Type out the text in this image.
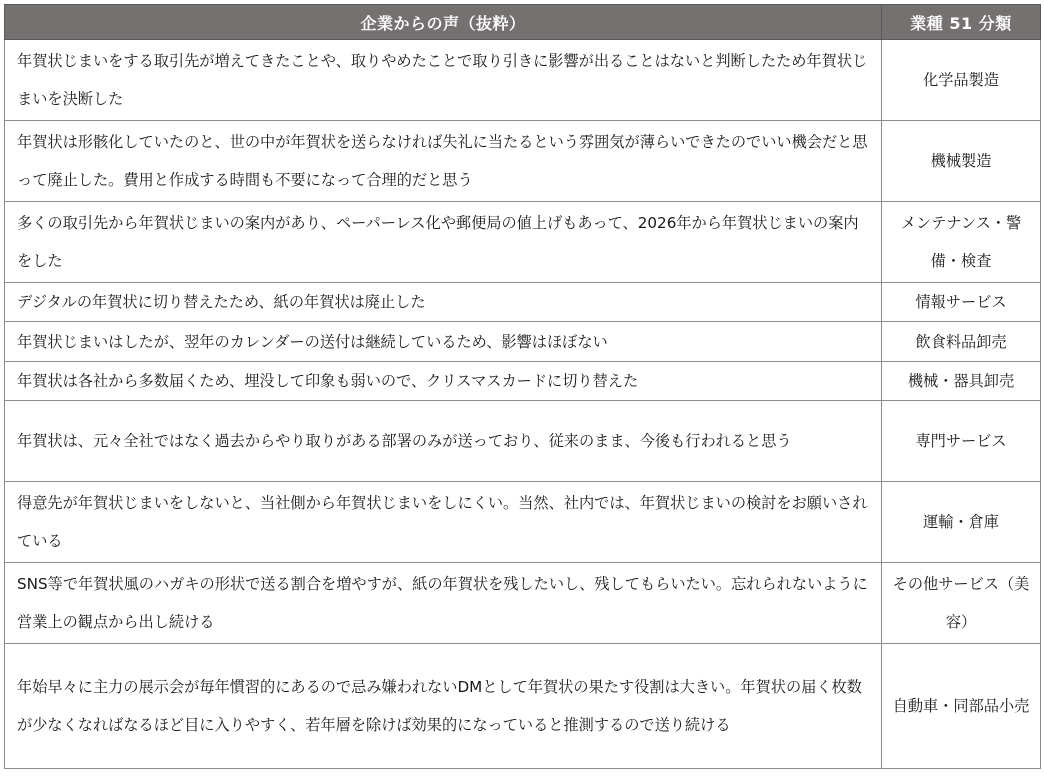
企業からの声（抜粋）	業種 51 分類
年賀状じまいをする取引先が増えてきたことや、取りやめたことで取り引きに影響が出ることはないと判断したため年賀状じまいを決断した	化学品製造
年賀状は形骸化していたのと、世の中が年賀状を送らなければ失礼に当たるという雰囲気が薄らいできたのでいい機会だと思って廃止した。費用と作成する時間も不要になって合理的だと思う	機械製造
多くの取引先から年賀状じまいの案内があり、ペーパーレス化や郵便局の値上げもあって、2026年から年賀状じまいの案内をした	メンテナンス・警備・検査
デジタルの年賀状に切り替えたため、紙の年賀状は廃止した	情報サービス
年賀状じまいはしたが、翌年のカレンダーの送付は継続しているため、影響はほぼない	飲食料品卸売
年賀状は各社から多数届くため、埋没して印象も弱いので、クリスマスカードに切り替えた	機械・器具卸売
年賀状は、元々全社ではなく過去からやり取りがある部署のみが送っており、従来のまま、今後も行われると思う	専門サービス
得意先が年賀状じまいをしないと、当社側から年賀状じまいをしにくい。当然、社内では、年賀状じまいの検討をお願いされている	運輸・倉庫
SNS等で年賀状風のハガキの形状で送る割合を増やすが、紙の年賀状を残したいし、残してもらいたい。忘れられないように営業上の観点から出し続ける	その他サービス（美容）
年始早々に主力の展示会が毎年慣習的にあるので忌み嫌われないDMとして年賀状の果たす役割は大きい。年賀状の届く枚数が少なくなればなるほど目に入りやすく、若年層を除けば効果的になっていると推測するので送り続ける	自動車・同部品小売
